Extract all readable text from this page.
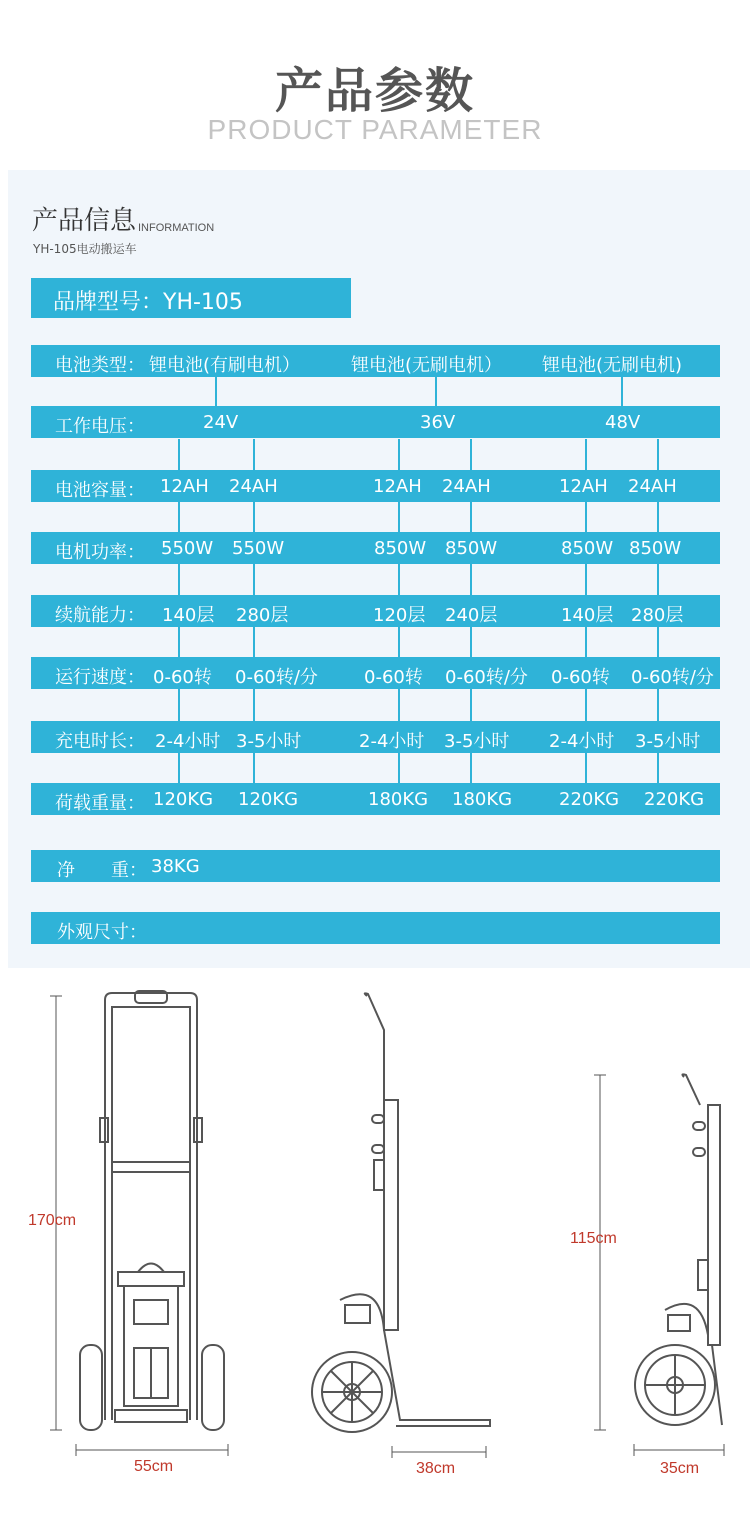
产品参数
PRODUCT PARAMETER
产品信息 INFORMATION
YH-105电动搬运车
品牌型号：YH-105
电池类型： 锂电池(有刷电机）	锂电池(无刷电机） 锂电池(无刷电机)
工作电压：	24V	36V	48V
电池容量： 12AH 24AH	12AH 24AH	12AH 24AH
电机功率： 550W 550W	850W 850W	850W 850W
续航能力： 140层 280层	120层 240层	140层 280层
运行速度： 0-60转 0-60转/分	0-60转 0-60转/分 0-60转 0-60转/分
充电时长： 2-4小时 3-5小时	2-4小时 3-5小时 2-4小时 3-5小时
荷载重量： 120KG 120KG	180KG 180KG	220KG 220KG
净　　重： 38KG
外观尺寸：
170cm
55cm	38cm
115cm
35cm
